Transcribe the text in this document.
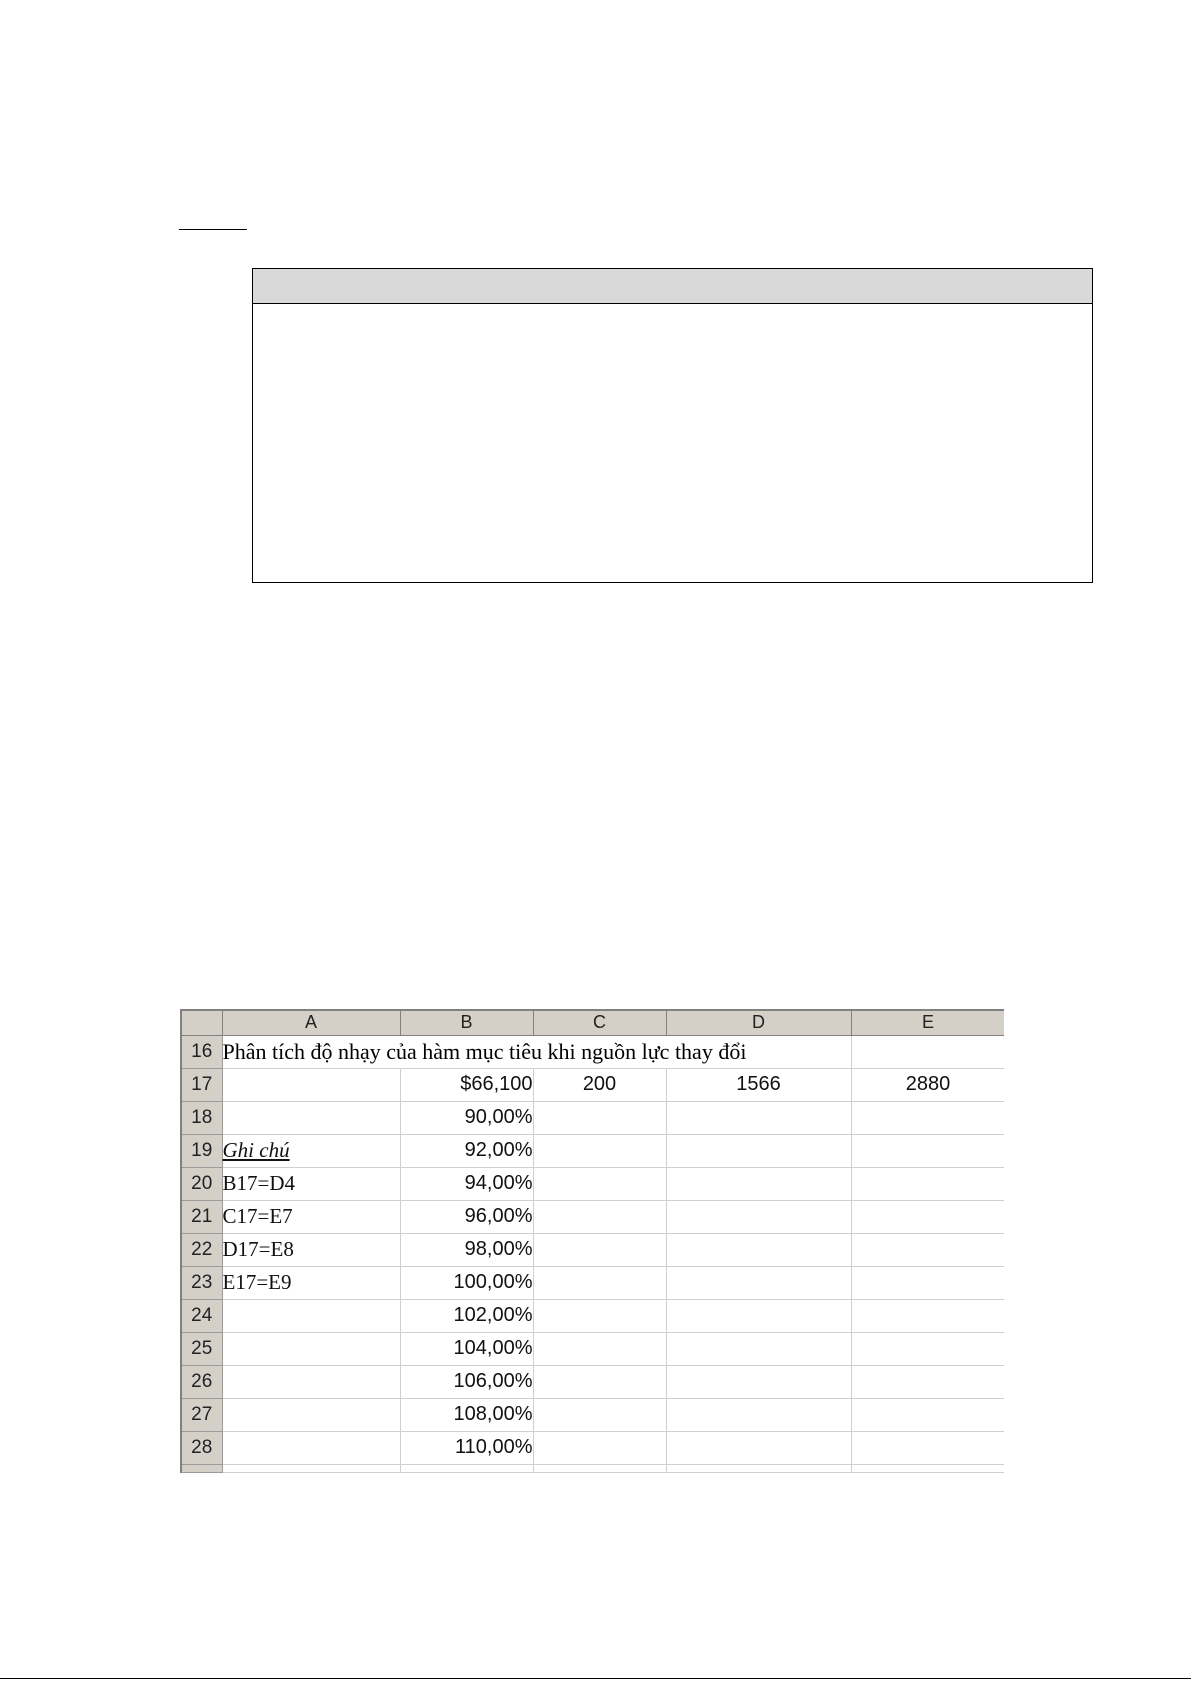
	A	B	C	D	E
16	Phân tích độ nhạy của hàm mục tiêu khi nguồn lực thay đổi				
17		$66,100	200	1566	2880
18		90,00%			
19	Ghi chú	92,00%			
20	B17=D4	94,00%			
21	C17=E7	96,00%			
22	D17=E8	98,00%			
23	E17=E9	100,00%			
24		102,00%			
25		104,00%			
26		106,00%			
27		108,00%			
28		110,00%			
